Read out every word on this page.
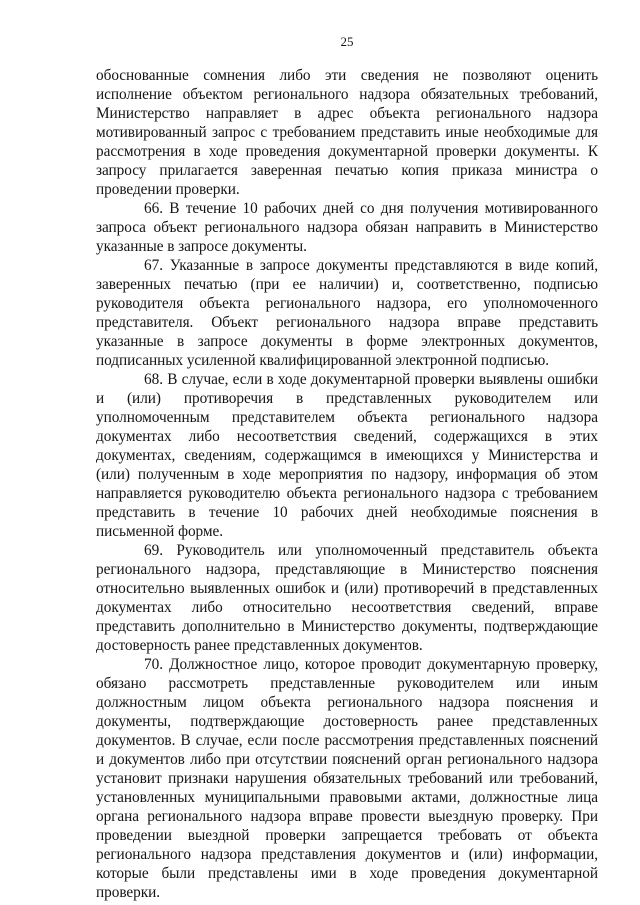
25

обоснованные сомнения либо эти сведения не позволяют оценить исполнение объектом регионального надзора обязательных требований, Министерство направляет в адрес объекта регионального надзора мотивированный запрос с требованием представить иные необходимые для рассмотрения в ходе проведения документарной проверки документы. К запросу прилагается заверенная печатью копия приказа министра о проведении проверки.

66. В течение 10 рабочих дней со дня получения мотивированного запроса объект регионального надзора обязан направить в Министерство указанные в запросе документы.

67. Указанные в запросе документы представляются в виде копий, заверенных печатью (при ее наличии) и, соответственно, подписью руководителя объекта регионального надзора, его уполномоченного представителя. Объект регионального надзора вправе представить указанные в запросе документы в форме электронных документов, подписанных усиленной квалифицированной электронной подписью.

68. В случае, если в ходе документарной проверки выявлены ошибки и (или) противоречия в представленных руководителем или уполномоченным представителем объекта регионального надзора документах либо несоответствия сведений, содержащихся в этих документах, сведениям, содержащимся в имеющихся у Министерства и (или) полученным в ходе мероприятия по надзору, информация об этом направляется руководителю объекта регионального надзора с требованием представить в течение 10 рабочих дней необходимые пояснения в письменной форме.

69. Руководитель или уполномоченный представитель объекта регионального надзора, представляющие в Министерство пояснения относительно выявленных ошибок и (или) противоречий в представленных документах либо относительно несоответствия сведений, вправе представить дополнительно в Министерство документы, подтверждающие достоверность ранее представленных документов.

70. Должностное лицо, которое проводит документарную проверку, обязано рассмотреть представленные руководителем или иным должностным лицом объекта регионального надзора пояснения и документы, подтверждающие достоверность ранее представленных документов. В случае, если после рассмотрения представленных пояснений и документов либо при отсутствии пояснений орган регионального надзора установит признаки нарушения обязательных требований или требований, установленных муниципальными правовыми актами, должностные лица органа регионального надзора вправе провести выездную проверку. При проведении выездной проверки запрещается требовать от объекта регионального надзора представления документов и (или) информации, которые были представлены ими в ходе проведения документарной проверки.
